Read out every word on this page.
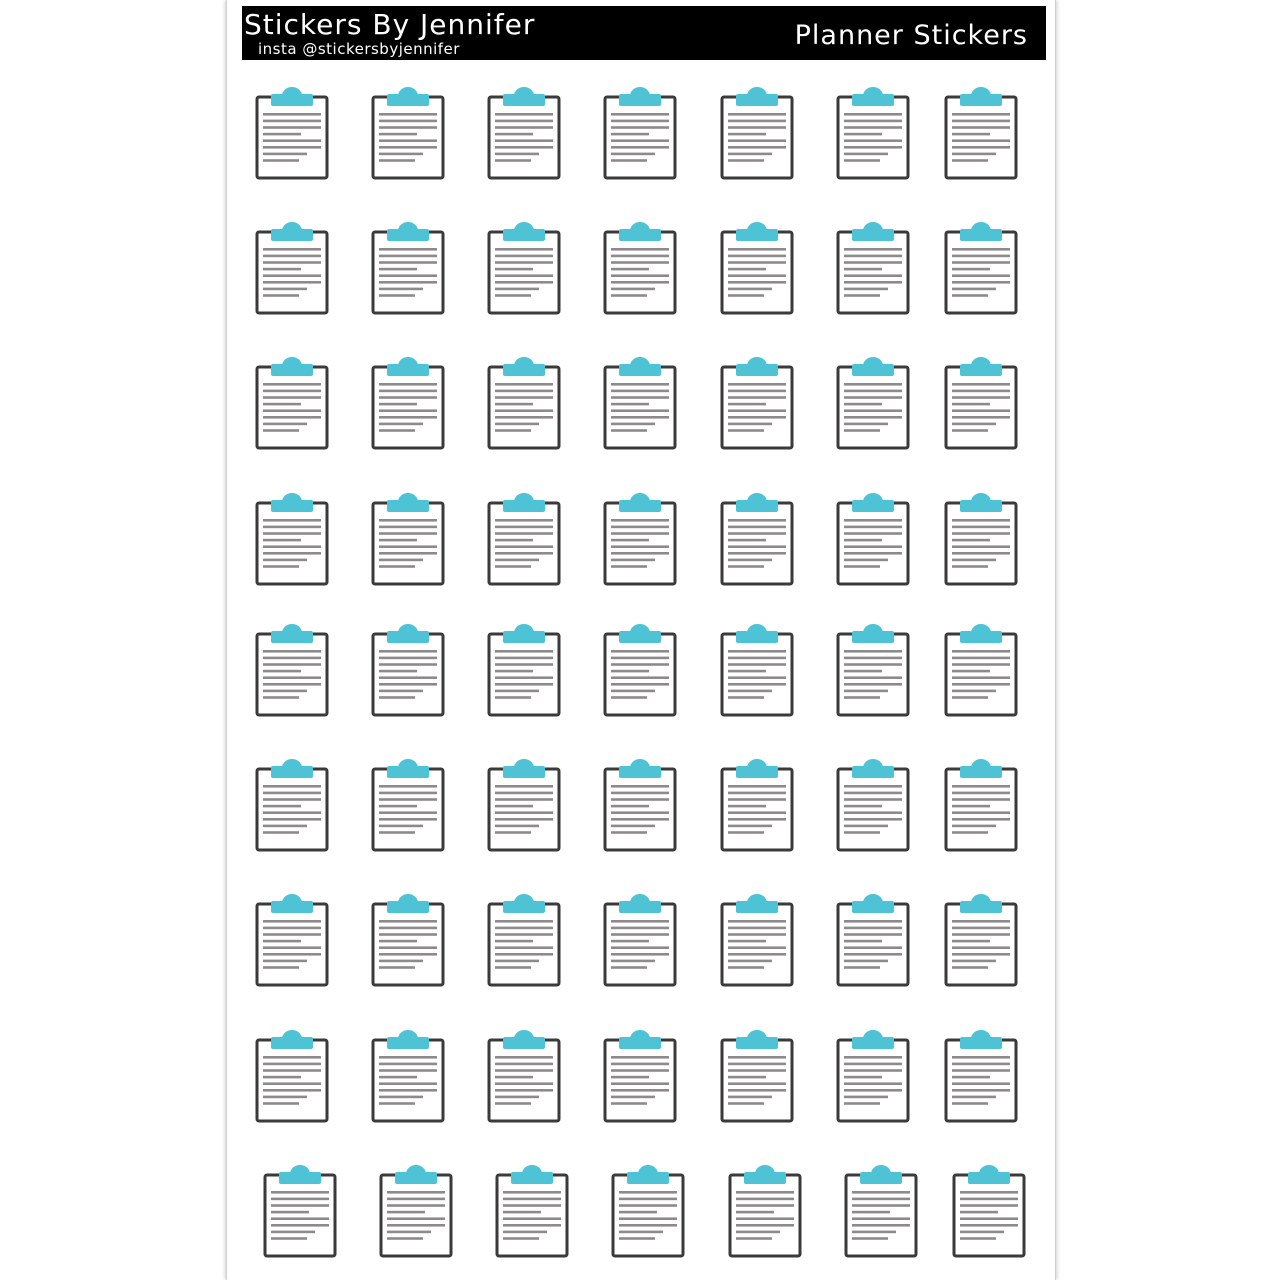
Stickers By Jennifer
insta @stickersbyjennifer	Planner Stickers
